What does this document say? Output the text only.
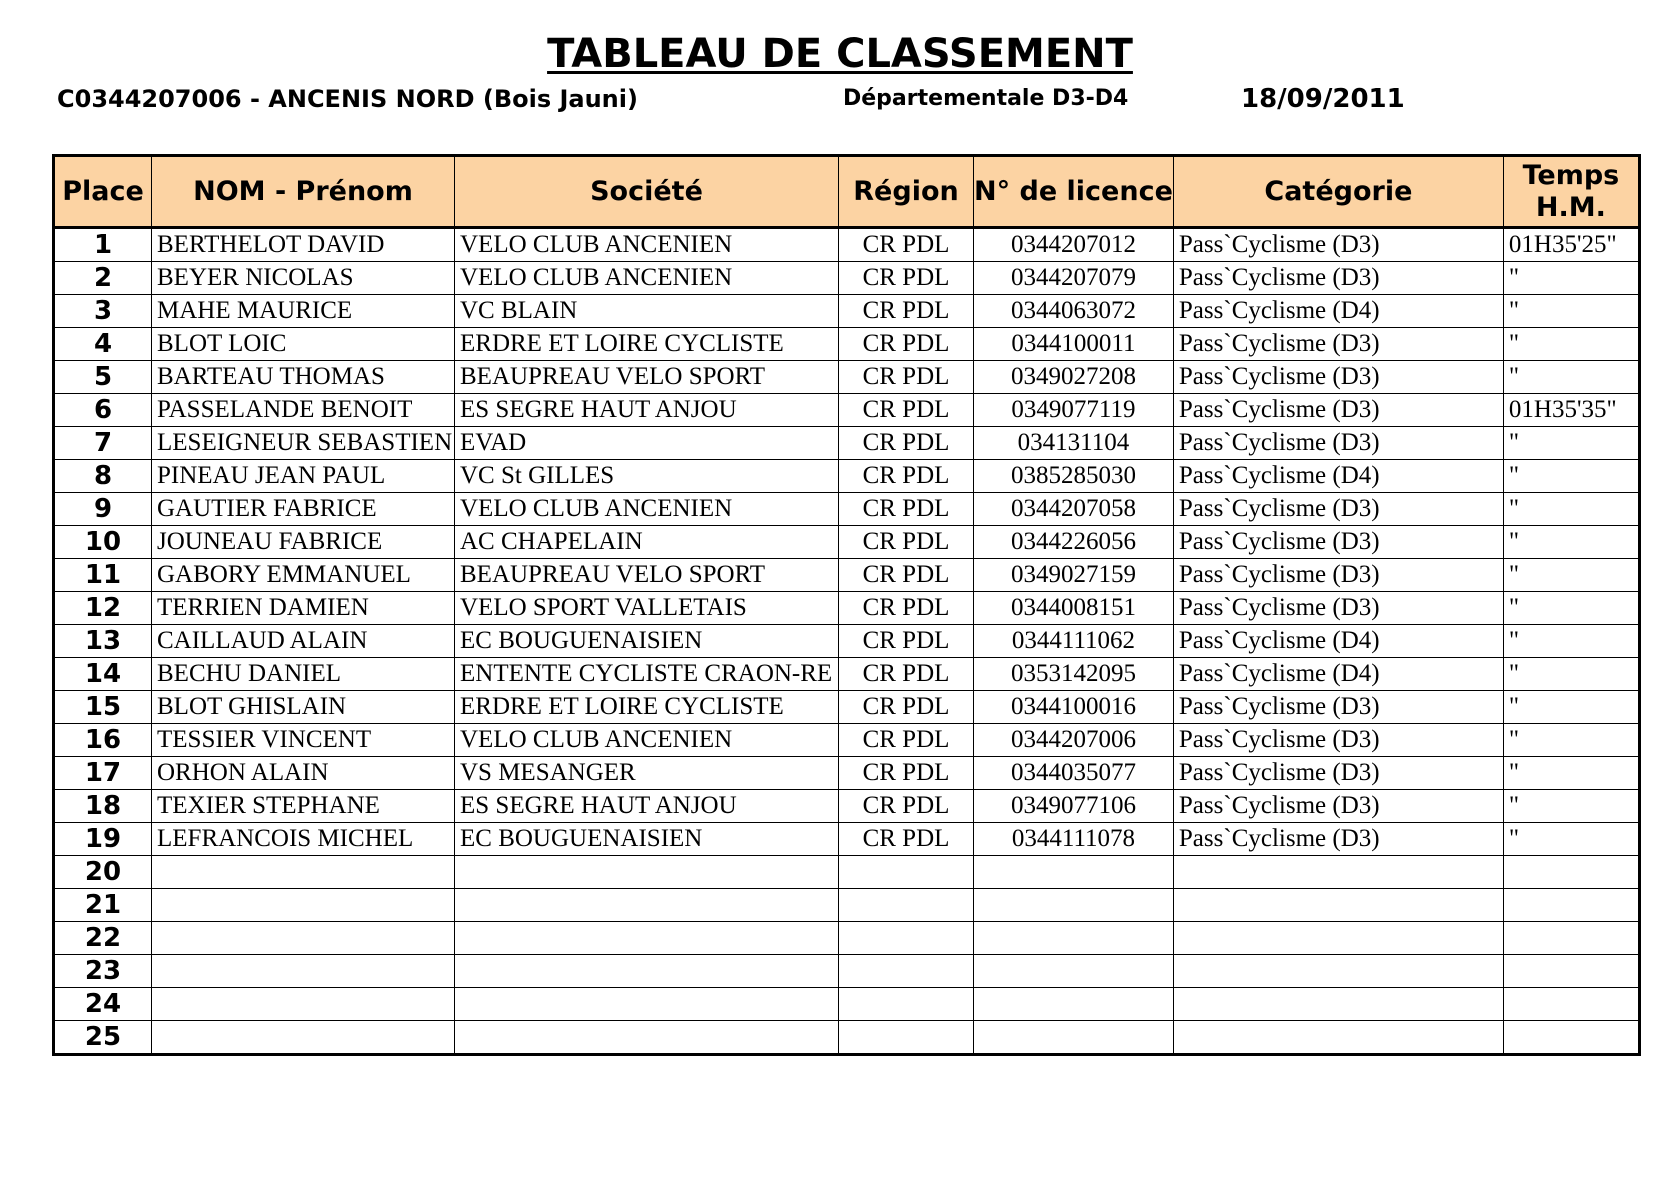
TABLEAU DE CLASSEMENT
C0344207006 - ANCENIS NORD (Bois Jauni)	Départementale D3-D4	18/09/2011
Place	NOM - Prénom	Société	Région	N° de licence	Catégorie	Temps
H.M.

1	BERTHELOT DAVID	VELO CLUB ANCENIEN	CR PDL	0344207012	Pass`Cyclisme (D3)	01H35'25"
2	BEYER NICOLAS	VELO CLUB ANCENIEN	CR PDL	0344207079	Pass`Cyclisme (D3)	"
3	MAHE MAURICE	VC BLAIN	CR PDL	0344063072	Pass`Cyclisme (D4)	"
4	BLOT LOIC	ERDRE ET LOIRE CYCLISTE	CR PDL	0344100011	Pass`Cyclisme (D3)	"
5	BARTEAU THOMAS	BEAUPREAU VELO SPORT	CR PDL	0349027208	Pass`Cyclisme (D3)	"
6	PASSELANDE BENOIT	ES SEGRE HAUT ANJOU	CR PDL	0349077119	Pass`Cyclisme (D3)	01H35'35"
7	LESEIGNEUR SEBASTIEN	EVAD	CR PDL	034131104	Pass`Cyclisme (D3)	"
8	PINEAU JEAN PAUL	VC St GILLES	CR PDL	0385285030	Pass`Cyclisme (D4)	"
9	GAUTIER FABRICE	VELO CLUB ANCENIEN	CR PDL	0344207058	Pass`Cyclisme (D3)	"
10	JOUNEAU FABRICE	AC CHAPELAIN	CR PDL	0344226056	Pass`Cyclisme (D3)	"
11	GABORY EMMANUEL	BEAUPREAU VELO SPORT	CR PDL	0349027159	Pass`Cyclisme (D3)	"
12	TERRIEN DAMIEN	VELO SPORT VALLETAIS	CR PDL	0344008151	Pass`Cyclisme (D3)	"
13	CAILLAUD ALAIN	EC BOUGUENAISIEN	CR PDL	0344111062	Pass`Cyclisme (D4)	"
14	BECHU DANIEL	ENTENTE CYCLISTE CRAON-RE	CR PDL	0353142095	Pass`Cyclisme (D4)	"
15	BLOT GHISLAIN	ERDRE ET LOIRE CYCLISTE	CR PDL	0344100016	Pass`Cyclisme (D3)	"
16	TESSIER VINCENT	VELO CLUB ANCENIEN	CR PDL	0344207006	Pass`Cyclisme (D3)	"
17	ORHON ALAIN	VS MESANGER	CR PDL	0344035077	Pass`Cyclisme (D3)	"
18	TEXIER STEPHANE	ES SEGRE HAUT ANJOU	CR PDL	0349077106	Pass`Cyclisme (D3)	"
19	LEFRANCOIS MICHEL	EC BOUGUENAISIEN	CR PDL	0344111078	Pass`Cyclisme (D3)	"
20						
21						
22						
23						
24						
25						
